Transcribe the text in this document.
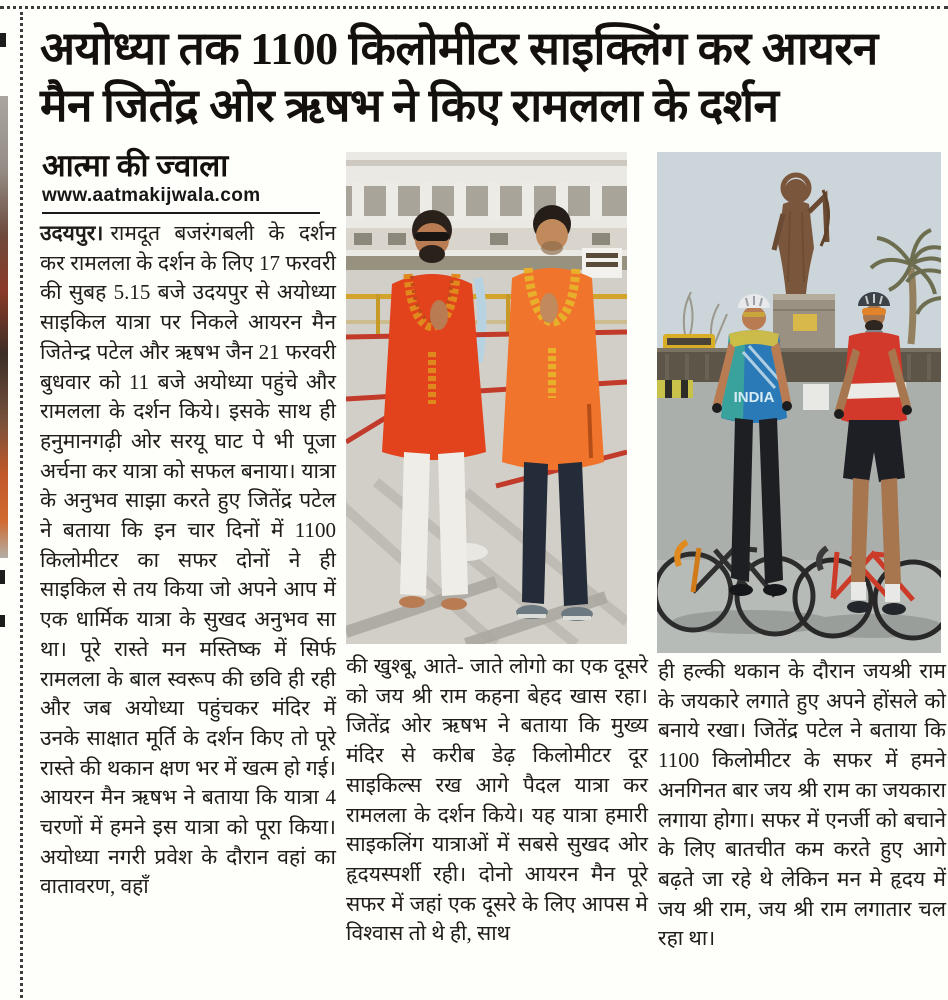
अयोध्या तक 1100 किलोमीटर साइक्लिंग कर आयरन
मैन जितेंद्र ओर ऋषभ ने किए रामलला के दर्शन
आत्मा की ज्वाला
www.aatmakijwala.com
उदयपुर। रामदूत बजरंगबली के दर्शन कर रामलला के दर्शन के लिए 17 फरवरी की सुबह 5.15 बजे उदयपुर से अयोध्या साइकिल यात्रा पर निकले आयरन मैन जितेन्द्र पटेल और ऋषभ जैन 21 फरवरी बुधवार को 11 बजे अयोध्या पहुंचे और रामलला के दर्शन किये। इसके साथ ही हनुमानगढ़ी ओर सरयू घाट पे भी पूजा अर्चना कर यात्रा को सफल बनाया। यात्रा के अनुभव साझा करते हुए जितेंद्र पटेल ने बताया कि इन चार दिनों में 1100 किलोमीटर का सफर दोनों ने ही साइकिल से तय किया जो अपने आप में एक धार्मिक यात्रा के सुखद अनुभव सा था। पूरे रास्ते मन मस्तिष्क में सिर्फ रामलला के बाल स्वरूप की छवि ही रही और जब अयोध्या पहुंचकर मंदिर में उनके साक्षात मूर्ति के दर्शन किए तो पूरे रास्ते की थकान क्षण भर में खत्म हो गई। आयरन मैन ऋषभ ने बताया कि यात्रा 4 चरणों में हमने इस यात्रा को पूरा किया। अयोध्या नगरी प्रवेश के दौरान वहां का वातावरण, वहाँ
की खुश्बू, आते- जाते लोगो का एक दूसरे को जय श्री राम कहना बेहद खास रहा। जितेंद्र ओर ऋषभ ने बताया कि मुख्य मंदिर से करीब डेढ़ किलोमीटर दूर साइकिल्स रख आगे पैदल यात्रा कर रामलला के दर्शन किये। यह यात्रा हमारी साइकलिंग यात्राओं में सबसे सुखद ओर हृदयस्पर्शी रही। दोनो आयरन मैन पूरे सफर में जहां एक दूसरे के लिए आपस मे विश्वास तो थे ही, साथ
INDIA
ही हल्की थकान के दौरान जयश्री राम के जयकारे लगाते हुए अपने होंसले को बनाये रखा। जितेंद्र पटेल ने बताया कि 1100 किलोमीटर के सफर में हमने अनगिनत बार जय श्री राम का जयकारा लगाया होगा। सफर में एनर्जी को बचाने के लिए बातचीत कम करते हुए आगे बढ़ते जा रहे थे लेकिन मन मे हृदय में जय श्री राम, जय श्री राम लगातार चल रहा था।
